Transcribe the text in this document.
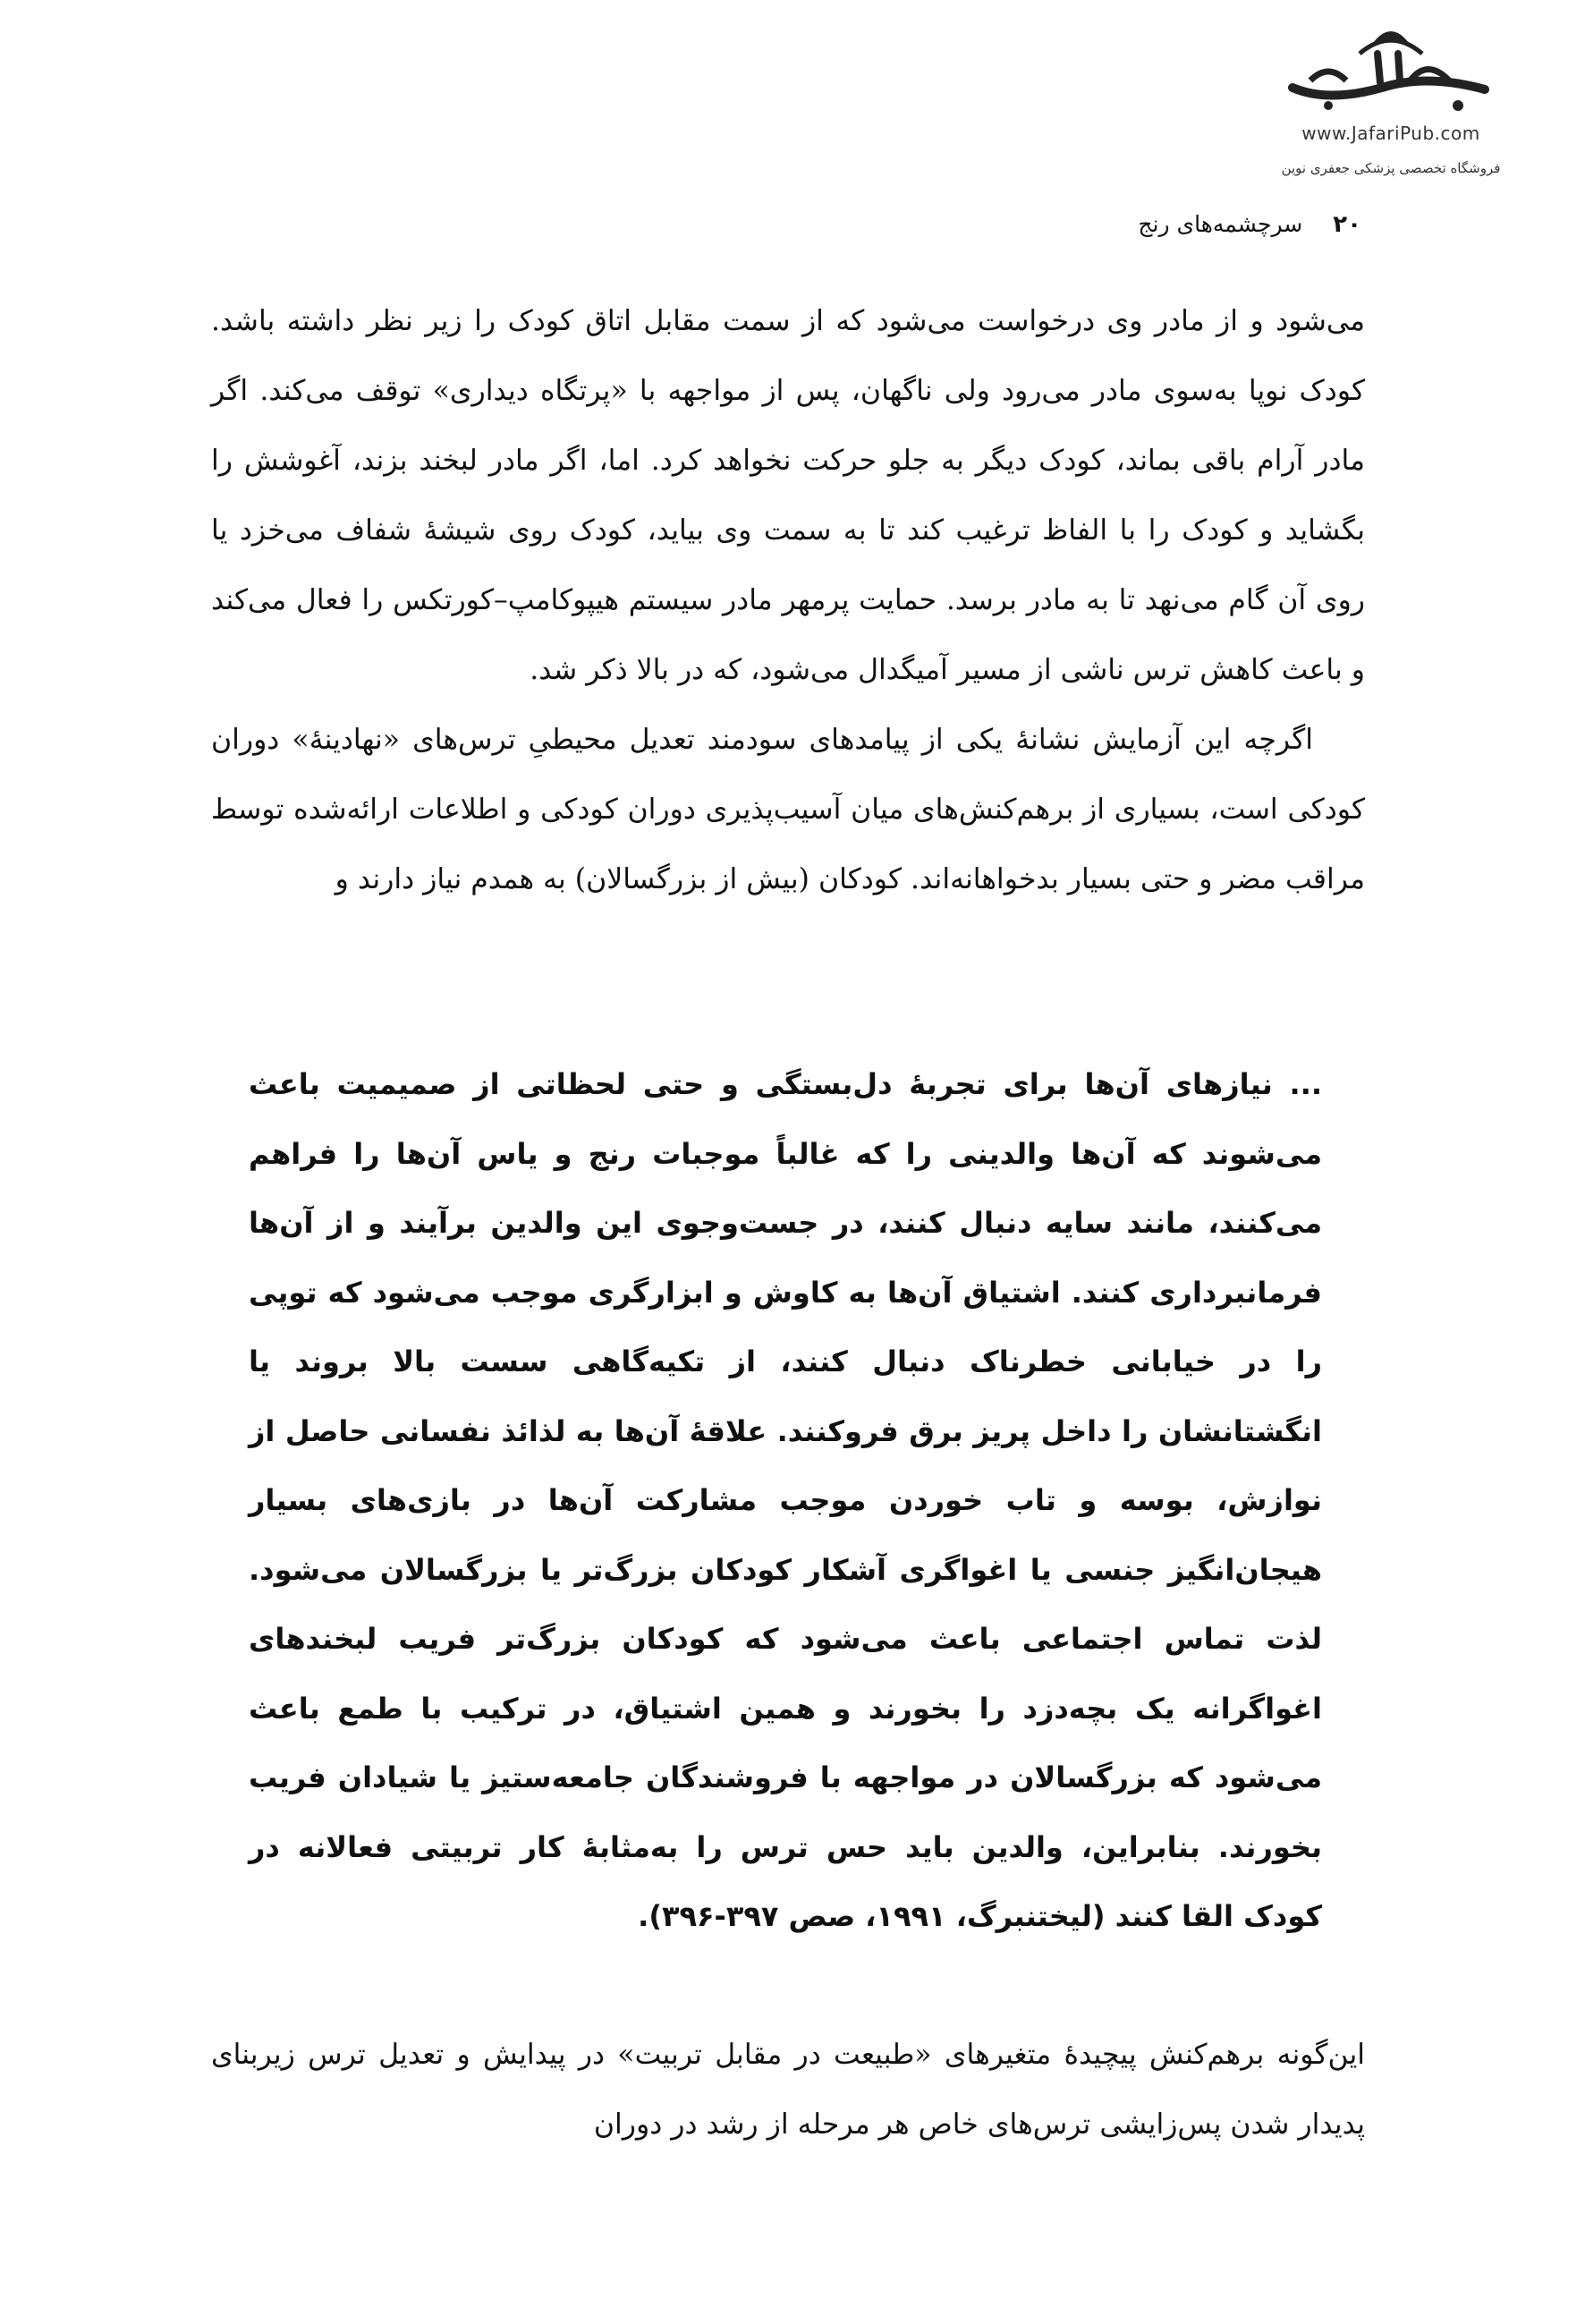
www.JafariPub.com
فروشگاه تخصصی پزشکی جعفری نوین
۲۰
سرچشمه‌های رنج

می‌شود و از مادر وی درخواست می‌شود که از سمت مقابل اتاق کودک را زیر نظر داشته باشد. کودک نوپا به‌سوی مادر می‌رود ولی ناگهان، پس از مواجهه با «پرتگاه دیداری» توقف می‌کند. اگر مادر آرام باقی بماند، کودک دیگر به جلو حرکت نخواهد کرد. اما، اگر مادر لبخند بزند، آغوشش را بگشاید و کودک را با الفاظ ترغیب کند تا به سمت وی بیاید، کودک روی شیشهٔ شفاف می‌خزد یا روی آن گام می‌نهد تا به مادر برسد. حمایت پرمهر مادر سیستم هیپوکامپ–کورتکس را فعال می‌کند و باعث کاهش ترس ناشی از مسیر آمیگدال می‌شود، که در بالا ذکر شد.

اگرچه این آزمایش نشانهٔ یکی از پیامدهای سودمند تعدیل محیطیِ ترس‌های «نهادینهٔ» دوران کودکی است، بسیاری از برهم‌کنش‌های میان آسیب‌پذیری دوران کودکی و اطلاعات ارائه‌شده توسط مراقب مضر و حتی بسیار بدخواهانه‌اند. کودکان (بیش از بزرگسالان) به همدم نیاز دارند و

... نیازهای آن‌ها برای تجربهٔ دل‌بستگی و حتی لحظاتی از صمیمیت باعث می‌شوند که آن‌ها والدینی را که غالباً موجبات رنج و یاس آن‌ها را فراهم می‌کنند، مانند سایه دنبال کنند، در جست‌وجوی این والدین برآیند و از آن‌ها فرمانبرداری کنند. اشتیاق آن‌ها به کاوش و ابزارگری موجب می‌شود که توپی را در خیابانی خطرناک دنبال کنند، از تکیه‌گاهی سست بالا بروند یا انگشتانشان را داخل پریز برق فروکنند. علاقهٔ آن‌ها به لذائذ نفسانی حاصل از نوازش، بوسه و تاب خوردن موجب مشارکت آن‌ها در بازی‌های بسیار هیجان‌انگیز جنسی یا اغواگری آشکار کودکان بزرگ‌تر یا بزرگسالان می‌شود. لذت تماس اجتماعی باعث می‌شود که کودکان بزرگ‌تر فریب لبخندهای اغواگرانه یک بچه‌دزد را بخورند و همین اشتیاق، در ترکیب با طمع باعث می‌شود که بزرگسالان در مواجهه با فروشندگان جامعه‌ستیز یا شیادان فریب بخورند. بنابراین، والدین باید حس ترس را به‌مثابهٔ کار تربیتی فعالانه در کودک القا کنند (لیختنبرگ، ۱۹۹۱، صص ۳۹۷-۳۹۶).

این‌گونه برهم‌کنش پیچیدهٔ متغیرهای «طبیعت در مقابل تربیت» در پیدایش و تعدیل ترس زیربنای پدیدار شدن پس‌زایشی ترس‌های خاص هر مرحله از رشد در دوران
